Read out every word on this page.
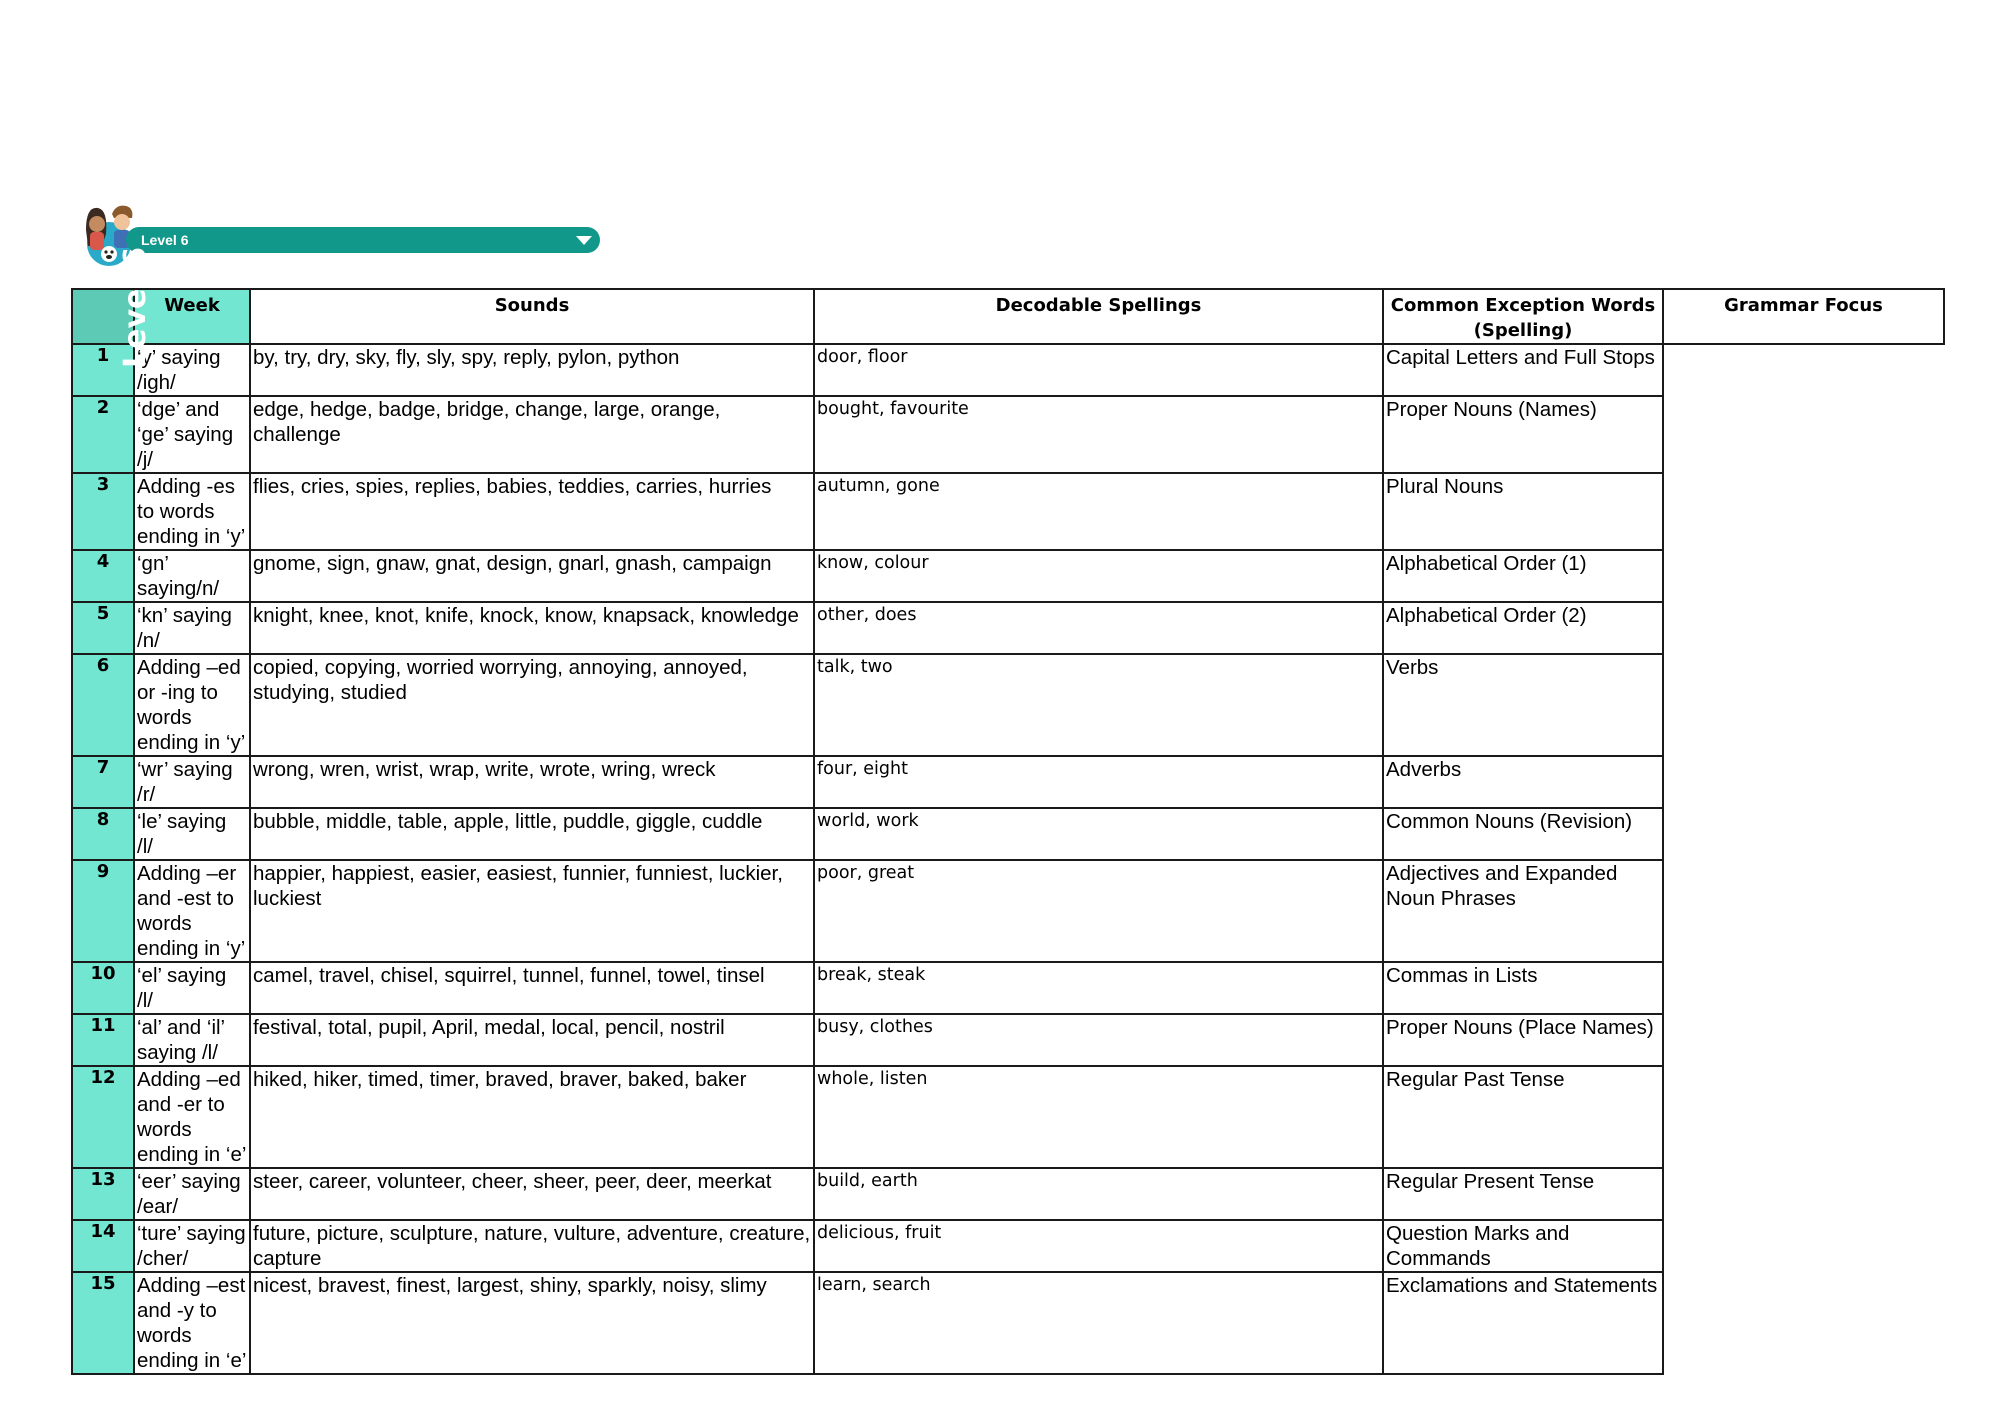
Level 6
Level 6	Week	Sounds	Decodable Spellings	Common Exception Words (Spelling)	Grammar Focus
1	‘y’ saying /igh/	by, try, dry, sky, fly, sly, spy, reply, pylon, python	door, floor	Capital Letters and Full Stops	
2	‘dge’ and ‘ge’ saying /j/	edge, hedge, badge, bridge, change, large, orange, challenge	bought, favourite	Proper Nouns (Names)	
3	Adding -es to words ending in ‘y’	flies, cries, spies, replies, babies, teddies, carries, hurries	autumn, gone	Plural Nouns	
4	‘gn’ saying/n/	gnome, sign, gnaw, gnat, design, gnarl, gnash, campaign	know, colour	Alphabetical Order (1)	
5	‘kn’ saying /n/	knight, knee, knot, knife, knock, know, knapsack, knowledge	other, does	Alphabetical Order (2)	
6	Adding –ed or -ing to words ending in ‘y’	copied, copying, worried worrying, annoying, annoyed, studying, studied	talk, two	Verbs	
7	‘wr’ saying /r/	wrong, wren, wrist, wrap, write, wrote, wring, wreck	four, eight	Adverbs	
8	‘le’ saying /l/	bubble, middle, table, apple, little, puddle, giggle, cuddle	world, work	Common Nouns (Revision)	
9	Adding –er and -est to words ending in ‘y’	happier, happiest, easier, easiest, funnier, funniest, luckier, luckiest	poor, great	Adjectives and Expanded Noun Phrases	
10	‘el’ saying /l/	camel, travel, chisel, squirrel, tunnel, funnel, towel, tinsel	break, steak	Commas in Lists	
11	‘al’ and ‘il’ saying /l/	festival, total, pupil, April, medal, local, pencil, nostril	busy, clothes	Proper Nouns (Place Names)	
12	Adding –ed and -er to words ending in ‘e’	hiked, hiker, timed, timer, braved, braver, baked, baker	whole, listen	Regular Past Tense	
13	‘eer’ saying /ear/	steer, career, volunteer, cheer, sheer, peer, deer, meerkat	build, earth	Regular Present Tense	
14	‘ture’ saying /cher/	future, picture, sculpture, nature, vulture, adventure, creature, capture	delicious, fruit	Question Marks and Commands	
15	Adding –est and -y to words ending in ‘e’	nicest, bravest, finest, largest, shiny, sparkly, noisy, slimy	learn, search	Exclamations and Statements	
